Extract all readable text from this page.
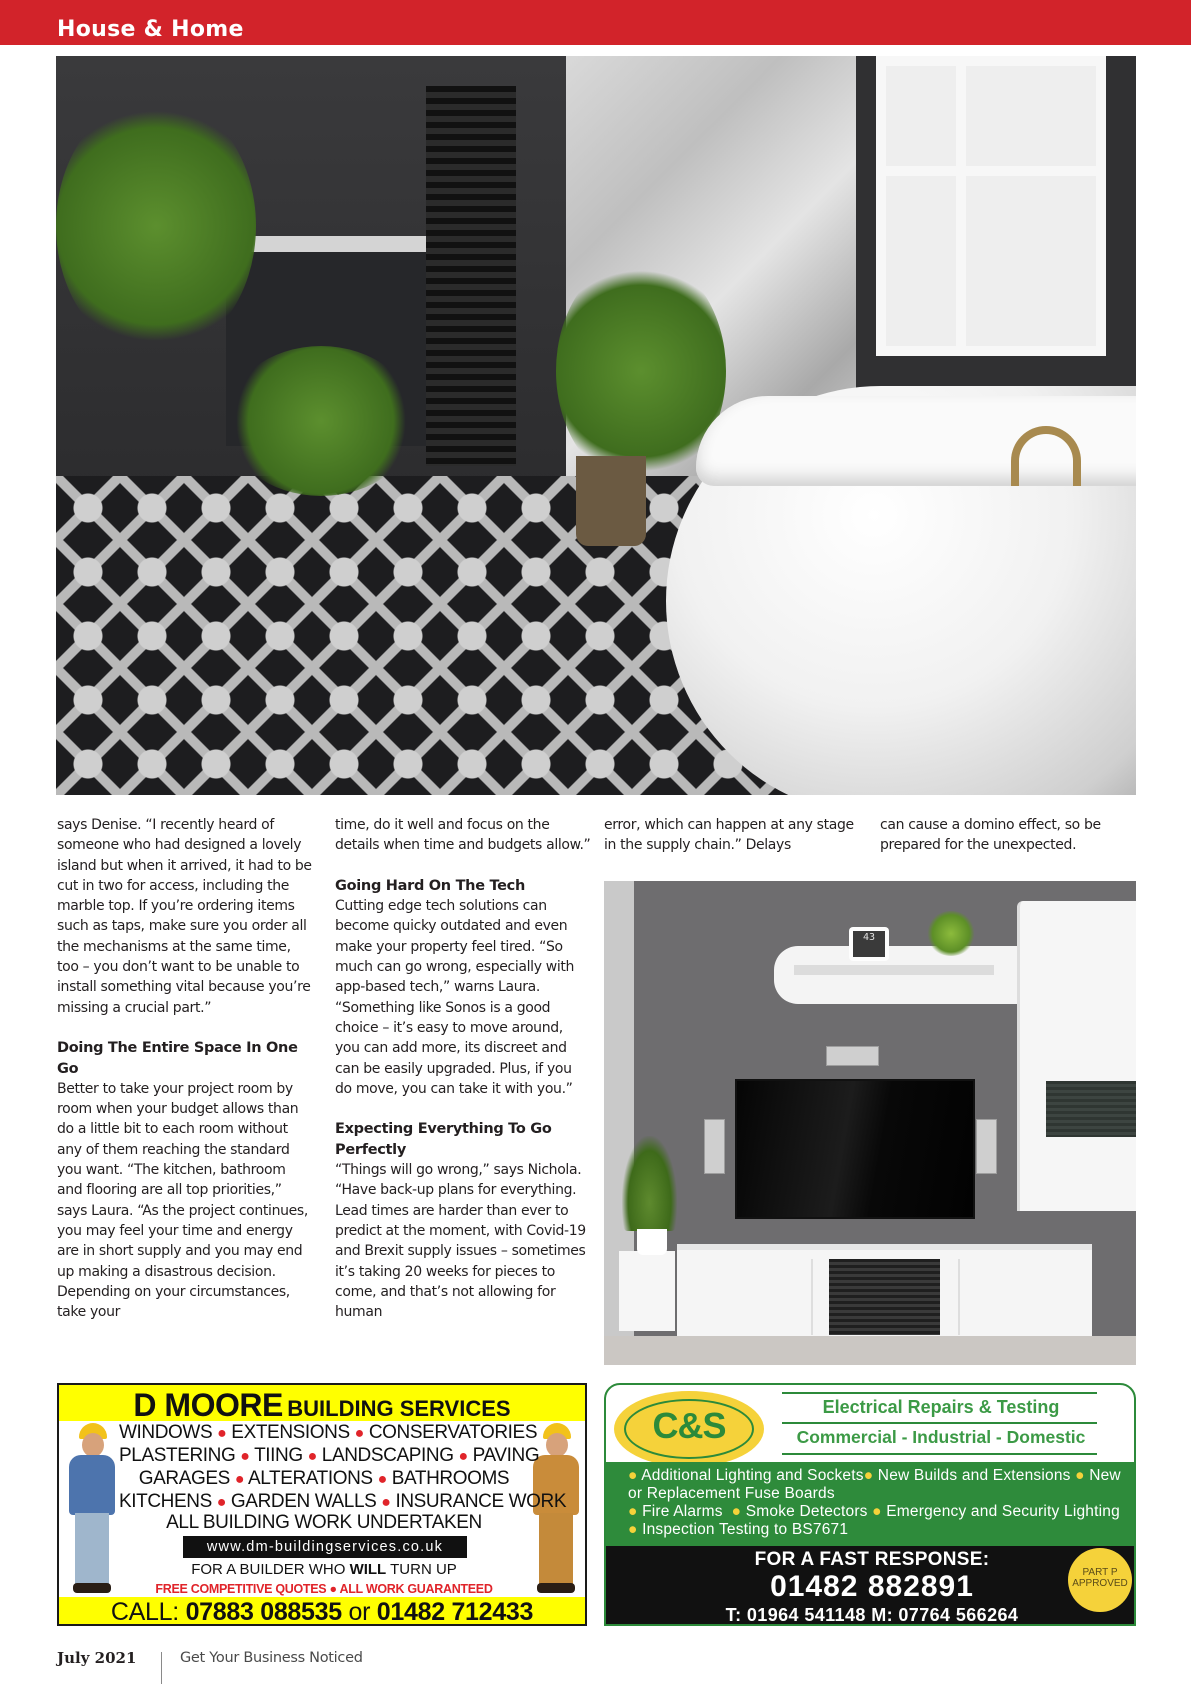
House & Home

says Denise. “I recently heard of someone who had designed a lovely island but when it arrived, it had to be cut in two for access, including the marble top. If you’re ordering items such as taps, make sure you order all the mechanisms at the same time, too – you don’t want to be unable to install something vital because you’re missing a crucial part.”

Doing The Entire Space In One Go

Better to take your project room by room when your budget allows than do a little bit to each room without any of them reaching the standard you want. “The kitchen, bathroom and flooring are all top priorities,” says Laura. “As the project continues, you may feel your time and energy are in short supply and you may end up making a disastrous decision. Depending on your circumstances, take your

time, do it well and focus on the details when time and budgets allow.”

Going Hard On The Tech

Cutting edge tech solutions can become quicky outdated and even make your property feel tired. “So much can go wrong, especially with app-based tech,” warns Laura. “Something like Sonos is a good choice – it’s easy to move around, you can add more, its discreet and can be easily upgraded. Plus, if you do move, you can take it with you.”

Expecting Everything To Go Perfectly

“Things will go wrong,” says Nichola. “Have back-up plans for everything. Lead times are harder than ever to predict at the moment, with Covid-19 and Brexit supply issues – sometimes it’s taking 20 weeks for pieces to come, and that’s not allowing for human

error, which can happen at any stage in the supply chain.” Delays

can cause a domino effect, so be prepared for the unexpected.

43
D MOORE BUILDING SERVICES
WINDOWS ● EXTENSIONS ● CONSERVATORIES
PLASTERING ● TIING ● LANDSCAPING ● PAVING
GARAGES ● ALTERATIONS ● BATHROOMS
KITCHENS ● GARDEN WALLS ● INSURANCE WORK
ALL BUILDING WORK UNDERTAKEN
www.dm-buildingservices.co.uk
FOR A BUILDER WHO WILL TURN UP
FREE COMPETITIVE QUOTES ● ALL WORK GUARANTEED
CALL: 07883 088535 or 01482 712433
C&S	Electrical Repairs & Testing
Commercial - Industrial - Domestic
● Additional Lighting and Sockets● New Builds and Extensions ● New or Replacement Fuse Boards
● Fire Alarms ● Smoke Detectors ● Emergency and Security Lighting ● Inspection Testing to BS7671
FOR A FAST RESPONSE:
01482 882891
T: 01964 541148 M: 07764 566264
PART P
APPROVED
July 2021	Get Your Business Noticed
